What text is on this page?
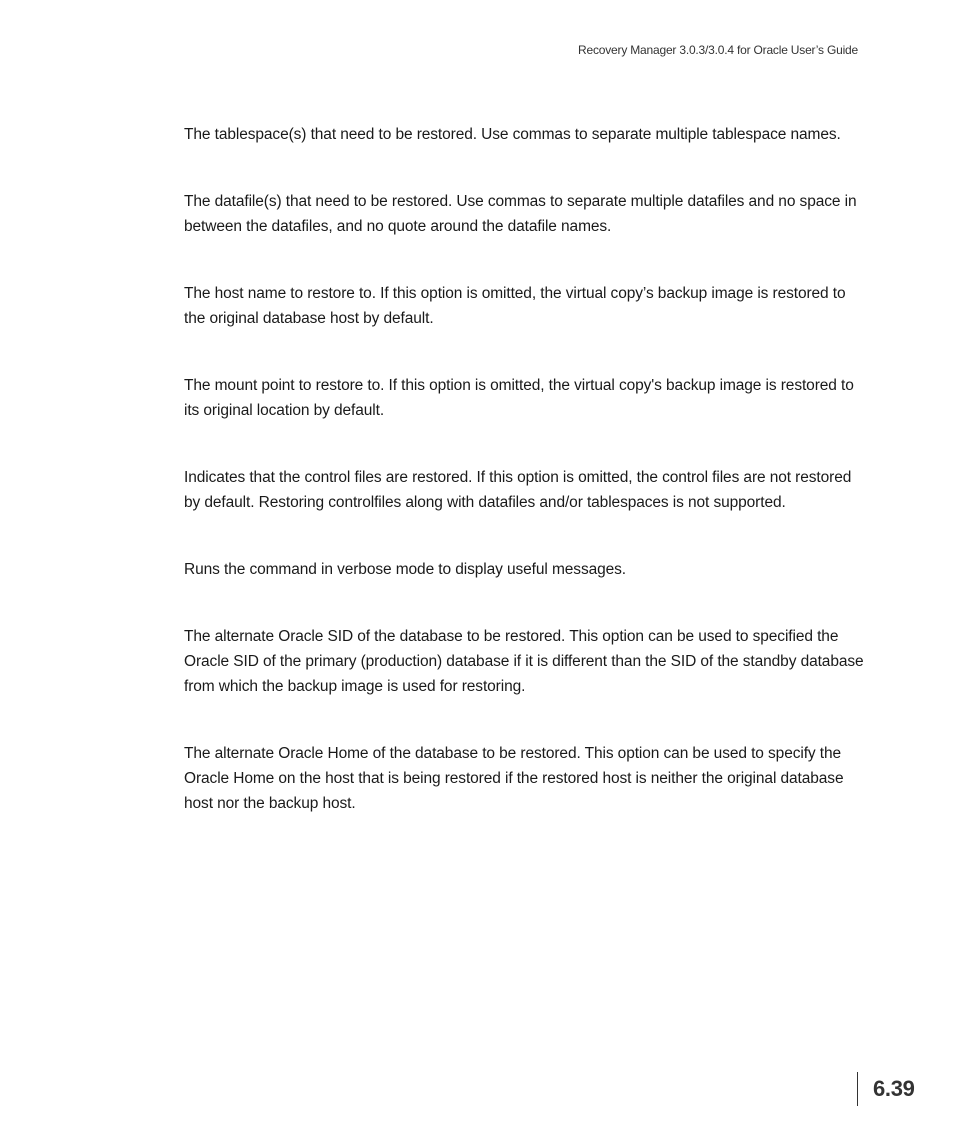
Recovery Manager 3.0.3/3.0.4 for Oracle User’s Guide

The tablespace(s) that need to be restored. Use commas to separate multiple tablespace names.

The datafile(s) that need to be restored. Use commas to separate multiple datafiles and no space in between the datafiles, and no quote around the datafile names.

The host name to restore to. If this option is omitted, the virtual copy’s backup image is restored to the original database host by default.

The mount point to restore to. If this option is omitted, the virtual copy's backup image is restored to its original location by default.

Indicates that the control files are restored. If this option is omitted, the control files are not restored by default. Restoring controlfiles along with datafiles and/or tablespaces is not supported.

Runs the command in verbose mode to display useful messages.

The alternate Oracle SID of the database to be restored. This option can be used to specified the Oracle SID of the primary (production) database if it is different than the SID of the standby database from which the backup image is used for restoring.

The alternate Oracle Home of the database to be restored. This option can be used to specify the Oracle Home on the host that is being restored if the restored host is neither the original database host nor the backup host.

6.39
